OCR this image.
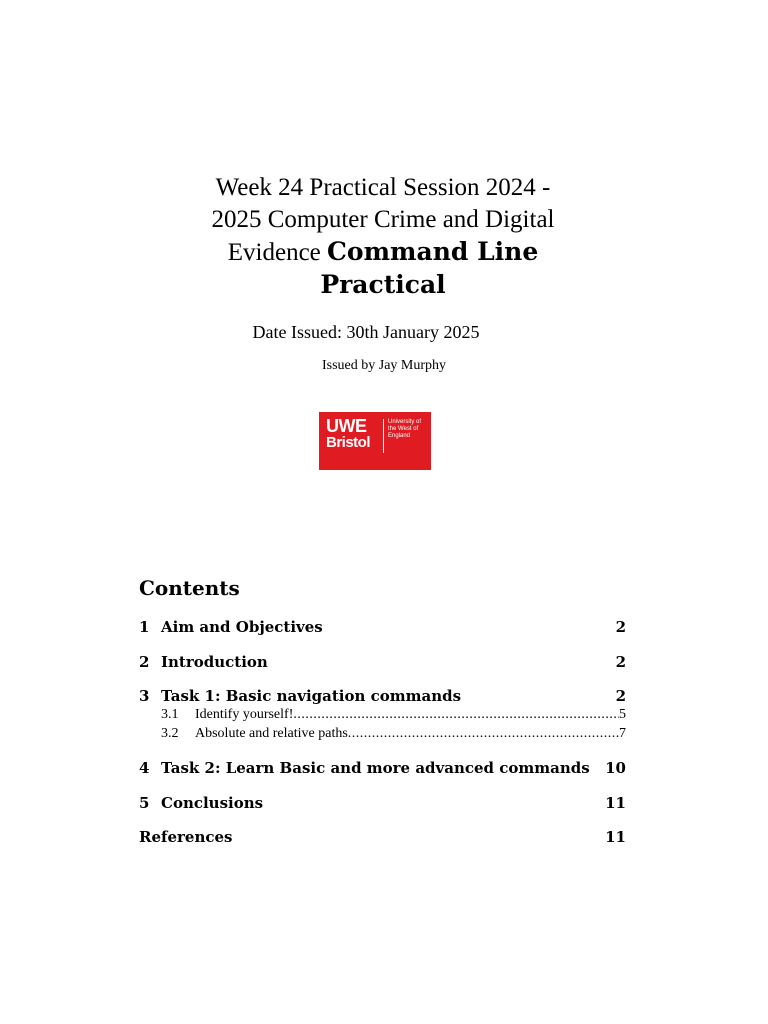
Week 24 Practical Session 2024 - 2025 Computer Crime and Digital Evidence Command Line Practical
Date Issued: 30th January 2025
Issued by Jay Murphy
UWE
Bristol
University of the West of England
Contents
1 Aim and Objectives	2
2 Introduction	2
3 Task 1: Basic navigation commands	2
3.1	Identify yourself! .....	5
3.2	Absolute and relative paths .....	7
4 Task 2: Learn Basic and more advanced commands 10
5 Conclusions	11
References	11
